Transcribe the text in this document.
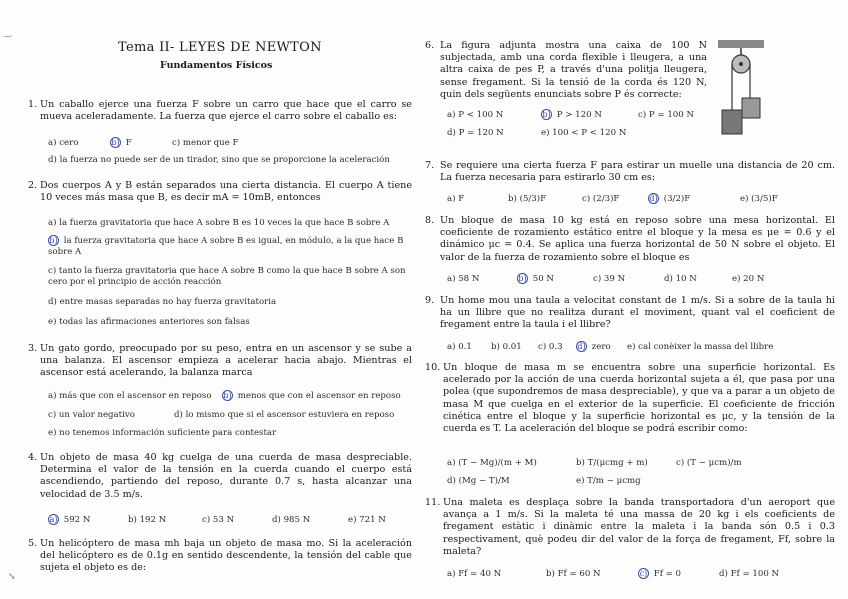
Tema II- LEYES DE NEWTON
Fundamentos Físicos
1. Un caballo ejerce una fuerza F sobre un carro que hace que el carro se mueva aceleradamente. La fuerza que ejerce el carro sobre el caballo es:
a) cero	b) F	c) menor que F
d) la fuerza no puede ser de un tirador, sino que se proporcione la aceleración
2. Dos cuerpos A y B están separados una cierta distancia. El cuerpo A tiene 10 veces más masa que B, es decir mA = 10mB, entonces
a) la fuerza gravitatoria que hace A sobre B es 10 veces la que hace B sobre A
b) la fuerza gravitatoria que hace A sobre B es igual, en módulo, a la que hace B sobre A
c) tanto la fuerza gravitatoria que hace A sobre B como la que hace B sobre A son cero por el principio de acción reacción
d) entre masas separadas no hay fuerza gravitatoria
e) todas las afirmaciones anteriores son falsas
3. Un gato gordo, preocupado por su peso, entra en un ascensor y se sube a una balanza. El ascensor empieza a acelerar hacia abajo. Mientras el ascensor está acelerando, la balanza marca
a) más que con el ascensor en reposo b) menos que con el ascensor en reposo
c) un valor negativo	d) lo mismo que si el ascensor estuviera en reposo
e) no tenemos información suficiente para contestar
4. Un objeto de masa 40 kg cuelga de una cuerda de masa despreciable. Determina el valor de la tensión en la cuerda cuando el cuerpo está ascendiendo, partiendo del reposo, durante 0.7 s, hasta alcanzar una velocidad de 3.5 m/s.
a) 592 N	b) 192 N	c) 53 N	d) 985 N	e) 721 N
5. Un helicóptero de masa mh baja un objeto de masa mo. Si la aceleración del helicóptero es de 0.1g en sentido descendente, la tensión del cable que sujeta el objeto es de:
6. La figura adjunta mostra una caixa de 100 N subjectada, amb una corda flexible i lleugera, a una altra caixa de pes P, a través d'una politja lleugera, sense fregament. Si la tensió de la corda és 120 N, quin dels següents enunciats sobre P és correcte:
a) P < 100 N	b) P > 120 N	c) P = 100 N
d) P = 120 N	e) 100 < P < 120 N
7. Se requiere una cierta fuerza F para estirar un muelle una distancia de 20 cm. La fuerza necesaria para estirarlo 30 cm es:
a) F	b) (5/3)F	c) (2/3)F	d) (3/2)F	e) (3/5)F
8. Un bloque de masa 10 kg está en reposo sobre una mesa horizontal. El coeficiente de rozamiento estático entre el bloque y la mesa es μe = 0.6 y el dinámico μc = 0.4. Se aplica una fuerza horizontal de 50 N sobre el objeto. El valor de la fuerza de rozamiento sobre el bloque es
a) 58 N	b) 50 N	c) 39 N	d) 10 N	e) 20 N
9. Un home mou una taula a velocitat constant de 1 m/s. Si a sobre de la taula hi ha un llibre que no realitza durant el moviment, quant val el coeficient de fregament entre la taula i el llibre?
a) 0.1 b) 0.01 c) 0.3 d) zero e) cal conèixer la massa del llibre
10. Un bloque de masa m se encuentra sobre una superficie horizontal. Es acelerado por la acción de una cuerda horizontal sujeta a él, que pasa por una polea (que supondremos de masa despreciable), y que va a parar a un objeto de masa M que cuelga en el exterior de la superficie. El coeficiente de fricción cinética entre el bloque y la superficie horizontal es μc, y la tensión de la cuerda es T. La aceleración del bloque se podrá escribir como:
a) (T − Mg)/(m + M)	b) T/(μcmg + m)	c) (T − μcm)/m
d) (Mg − T)/M	e) T/m − μcmg
11. Una maleta es desplaça sobre la banda transportadora d'un aeroport que avança a 1 m/s. Si la maleta té una massa de 20 kg i els coeficients de fregament estàtic i dinàmic entre la maleta i la banda són 0.5 i 0.3 respectivament, què podeu dir del valor de la força de fregament, Ff, sobre la maleta?
a) Ff = 40 N	b) Ff = 60 N	c) Ff = 0	d) Ff = 100 N
‿
↘
